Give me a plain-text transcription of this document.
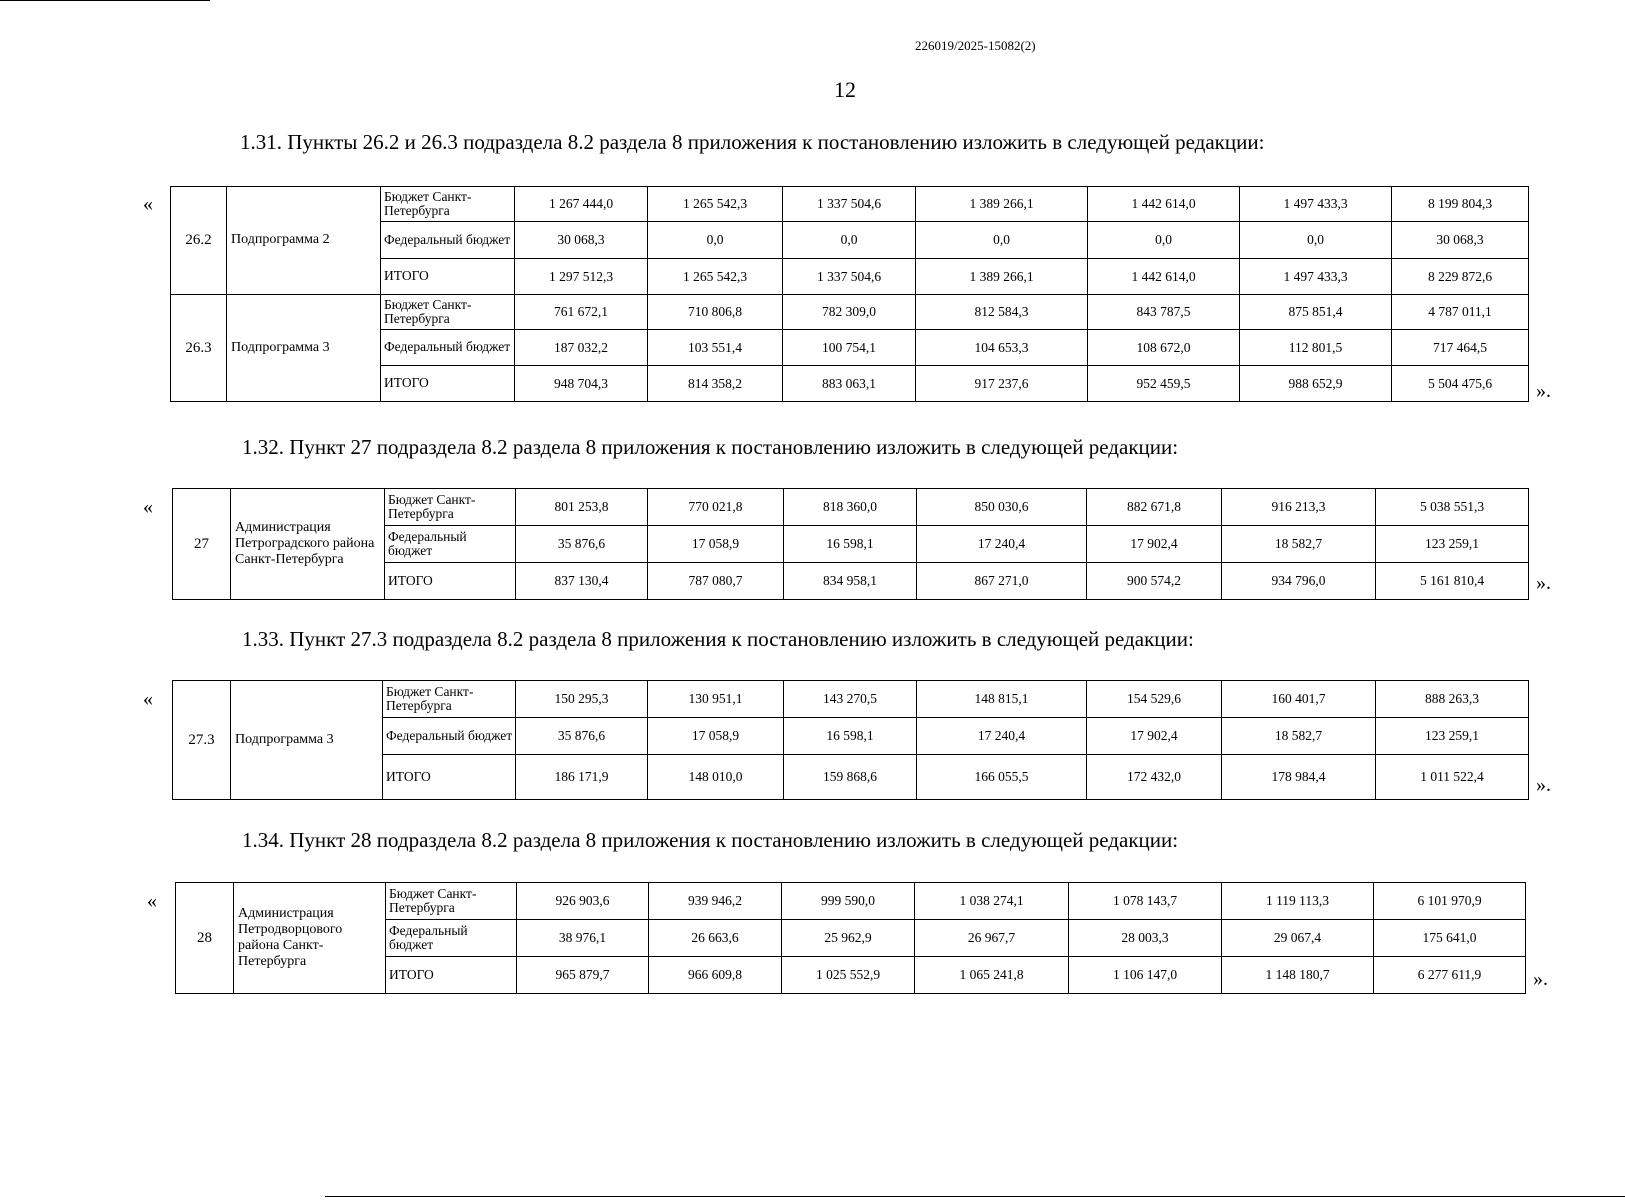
226019/2025-15082(2)
12
1.31. Пункты 26.2 и 26.3 подраздела 8.2 раздела 8 приложения к постановлению изложить в следующей редакции:
«
26.2	Подпрограмма 2	Бюджет Санкт-Петербурга	1 267 444,0	1 265 542,3	1 337 504,6	1 389 266,1	1 442 614,0	1 497 433,3	8 199 804,3
		Федеральный бюджет	30 068,3	0,0	0,0	0,0	0,0	0,0	30 068,3
		ИТОГО	1 297 512,3	1 265 542,3	1 337 504,6	1 389 266,1	1 442 614,0	1 497 433,3	8 229 872,6
26.3	Подпрограмма 3	Бюджет Санкт-Петербурга	761 672,1	710 806,8	782 309,0	812 584,3	843 787,5	875 851,4	4 787 011,1
		Федеральный бюджет	187 032,2	103 551,4	100 754,1	104 653,3	108 672,0	112 801,5	717 464,5
		ИТОГО	948 704,3	814 358,2	883 063,1	917 237,6	952 459,5	988 652,9	5 504 475,6 ».
1.32. Пункт 27 подраздела 8.2 раздела 8 приложения к постановлению изложить в следующей редакции:
«
27	Администрация Петроградского района Санкт-Петербурга	Бюджет Санкт-Петербурга	801 253,8	770 021,8	818 360,0	850 030,6	882 671,8	916 213,3	5 038 551,3
		Федеральный бюджет	35 876,6	17 058,9	16 598,1	17 240,4	17 902,4	18 582,7	123 259,1
		ИТОГО	837 130,4	787 080,7	834 958,1	867 271,0	900 574,2	934 796,0	5 161 810,4	».
1.33. Пункт 27.3 подраздела 8.2 раздела 8 приложения к постановлению изложить в следующей редакции:
«
27.3	Подпрограмма 3	Бюджет Санкт-Петербурга	150 295,3	130 951,1	143 270,5	148 815,1	154 529,6	160 401,7	888 263,3
		Федеральный бюджет	35 876,6	17 058,9	16 598,1	17 240,4	17 902,4	18 582,7	123 259,1
		ИТОГО	186 171,9	148 010,0	159 868,6	166 055,5	172 432,0	178 984,4	1 011 522,4	».
1.34. Пункт 28 подраздела 8.2 раздела 8 приложения к постановлению изложить в следующей редакции:
«
28	Администрация Петродворцового района Санкт-Петербурга	Бюджет Санкт-Петербурга	926 903,6	939 946,2	999 590,0	1 038 274,1	1 078 143,7	1 119 113,3	6 101 970,9
		Федеральный бюджет	38 976,1	26 663,6	25 962,9	26 967,7	28 003,3	29 067,4	175 641,0
		ИТОГО	965 879,7	966 609,8	1 025 552,9	1 065 241,8	1 106 147,0	1 148 180,7	6 277 611,9	».
